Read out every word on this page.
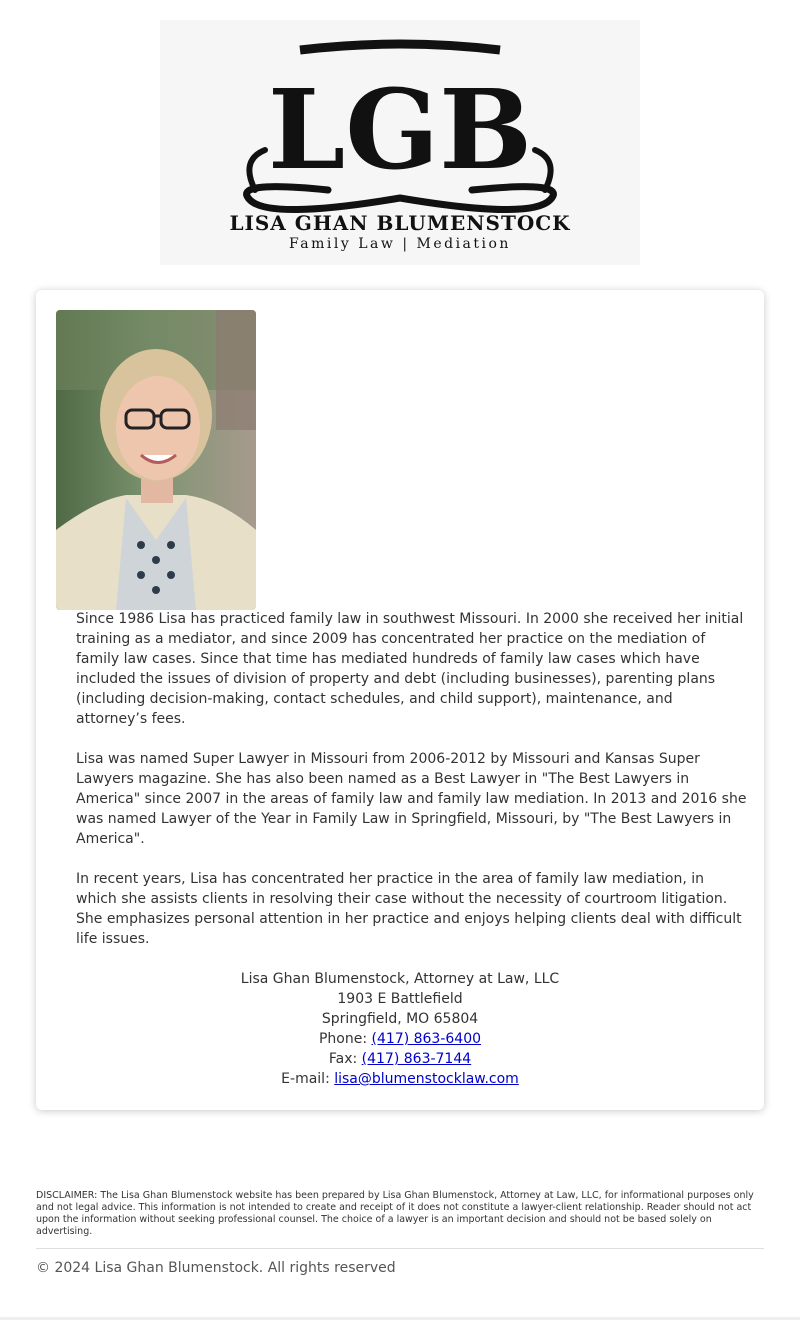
LGB
LISA GHAN BLUMENSTOCK
Family Law | Mediation

Since 1986 Lisa has practiced family law in southwest Missouri. In 2000 she received her initial training as a mediator, and since 2009 has concentrated her practice on the mediation of family law cases. Since that time has mediated hundreds of family law cases which have included the issues of division of property and debt (including businesses), parenting plans (including decision-making, contact schedules, and child support), maintenance, and attorney’s fees.

Lisa was named Super Lawyer in Missouri from 2006-2012 by Missouri and Kansas Super Lawyers magazine. She has also been named as a Best Lawyer in "The Best Lawyers in America" since 2007 in the areas of family law and family law mediation. In 2013 and 2016 she was named Lawyer of the Year in Family Law in Springfield, Missouri, by "The Best Lawyers in America".

In recent years, Lisa has concentrated her practice in the area of family law mediation, in which she assists clients in resolving their case without the necessity of courtroom litigation. She emphasizes personal attention in her practice and enjoys helping clients deal with difficult life issues.

Lisa Ghan Blumenstock, Attorney at Law, LLC
1903 E Battlefield
Springfield, MO 65804
Phone: (417) 863-6400
Fax: (417) 863-7144
E-mail: lisa@blumenstocklaw.com
DISCLAIMER: The Lisa Ghan Blumenstock website has been prepared by Lisa Ghan Blumenstock, Attorney at Law, LLC, for informational purposes only and not legal advice. This information is not intended to create and receipt of it does not constitute a lawyer-client relationship. Reader should not act upon the information without seeking professional counsel. The choice of a lawyer is an important decision and should not be based solely on advertising.
© 2024 Lisa Ghan Blumenstock. All rights reserved
